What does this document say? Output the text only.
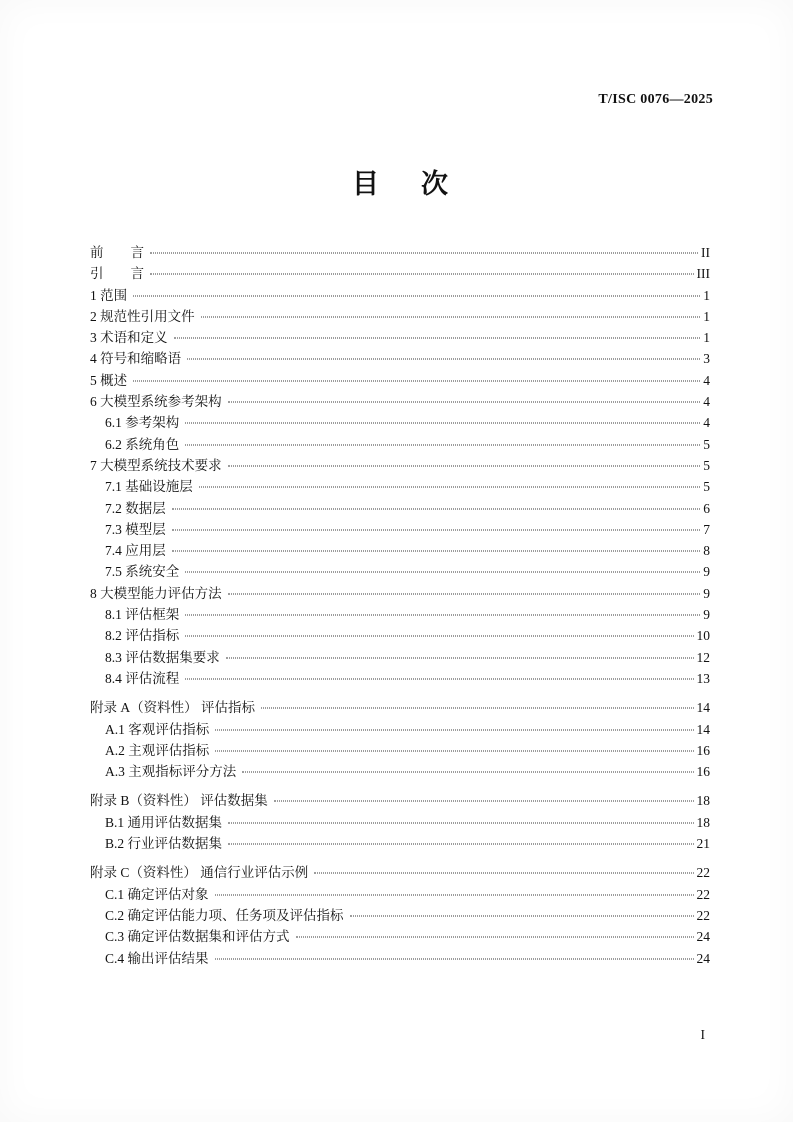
T/ISC 0076—2025
目 次
前        言	II
引        言	III
1 范围	1
2 规范性引用文件	1
3 术语和定义	1
4 符号和缩略语	3
5 概述	4
6 大模型系统参考架构	4
6.1 参考架构	4
6.2 系统角色	5
7 大模型系统技术要求	5
7.1 基础设施层	5
7.2 数据层	6
7.3 模型层	7
7.4 应用层	8
7.5 系统安全	9
8 大模型能力评估方法	9
8.1 评估框架	9
8.2 评估指标	10
8.3 评估数据集要求	12
8.4 评估流程	13
附录 A（资料性） 评估指标	14
A.1 客观评估指标	14
A.2 主观评估指标	16
A.3 主观指标评分方法	16
附录 B（资料性） 评估数据集	18
B.1 通用评估数据集	18
B.2 行业评估数据集	21
附录 C（资料性） 通信行业评估示例	22
C.1 确定评估对象	22
C.2 确定评估能力项、任务项及评估指标	22
C.3 确定评估数据集和评估方式	24
C.4 输出评估结果	24
I
